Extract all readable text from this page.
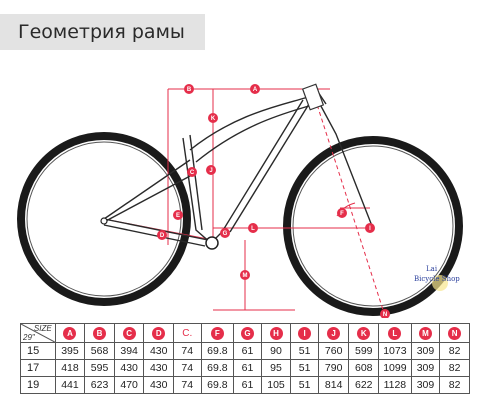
Геометрия рамы
A
B
K
C	J
E
D	G
L
F
I
M
N
Lai
Bicycle Shop
SIZE
29"	A	B	C	D	C.	F	G	H	I	J	K	L	M	N
15	395	568	394	430	74	69.8	61	90	51	760	599	1073	309	82
17	418	595	430	430	74	69.8	61	95	51	790	608	1099	309	82
19	441	623	470	430	74	69.8	61	105	51	814	622	1128	309	82
